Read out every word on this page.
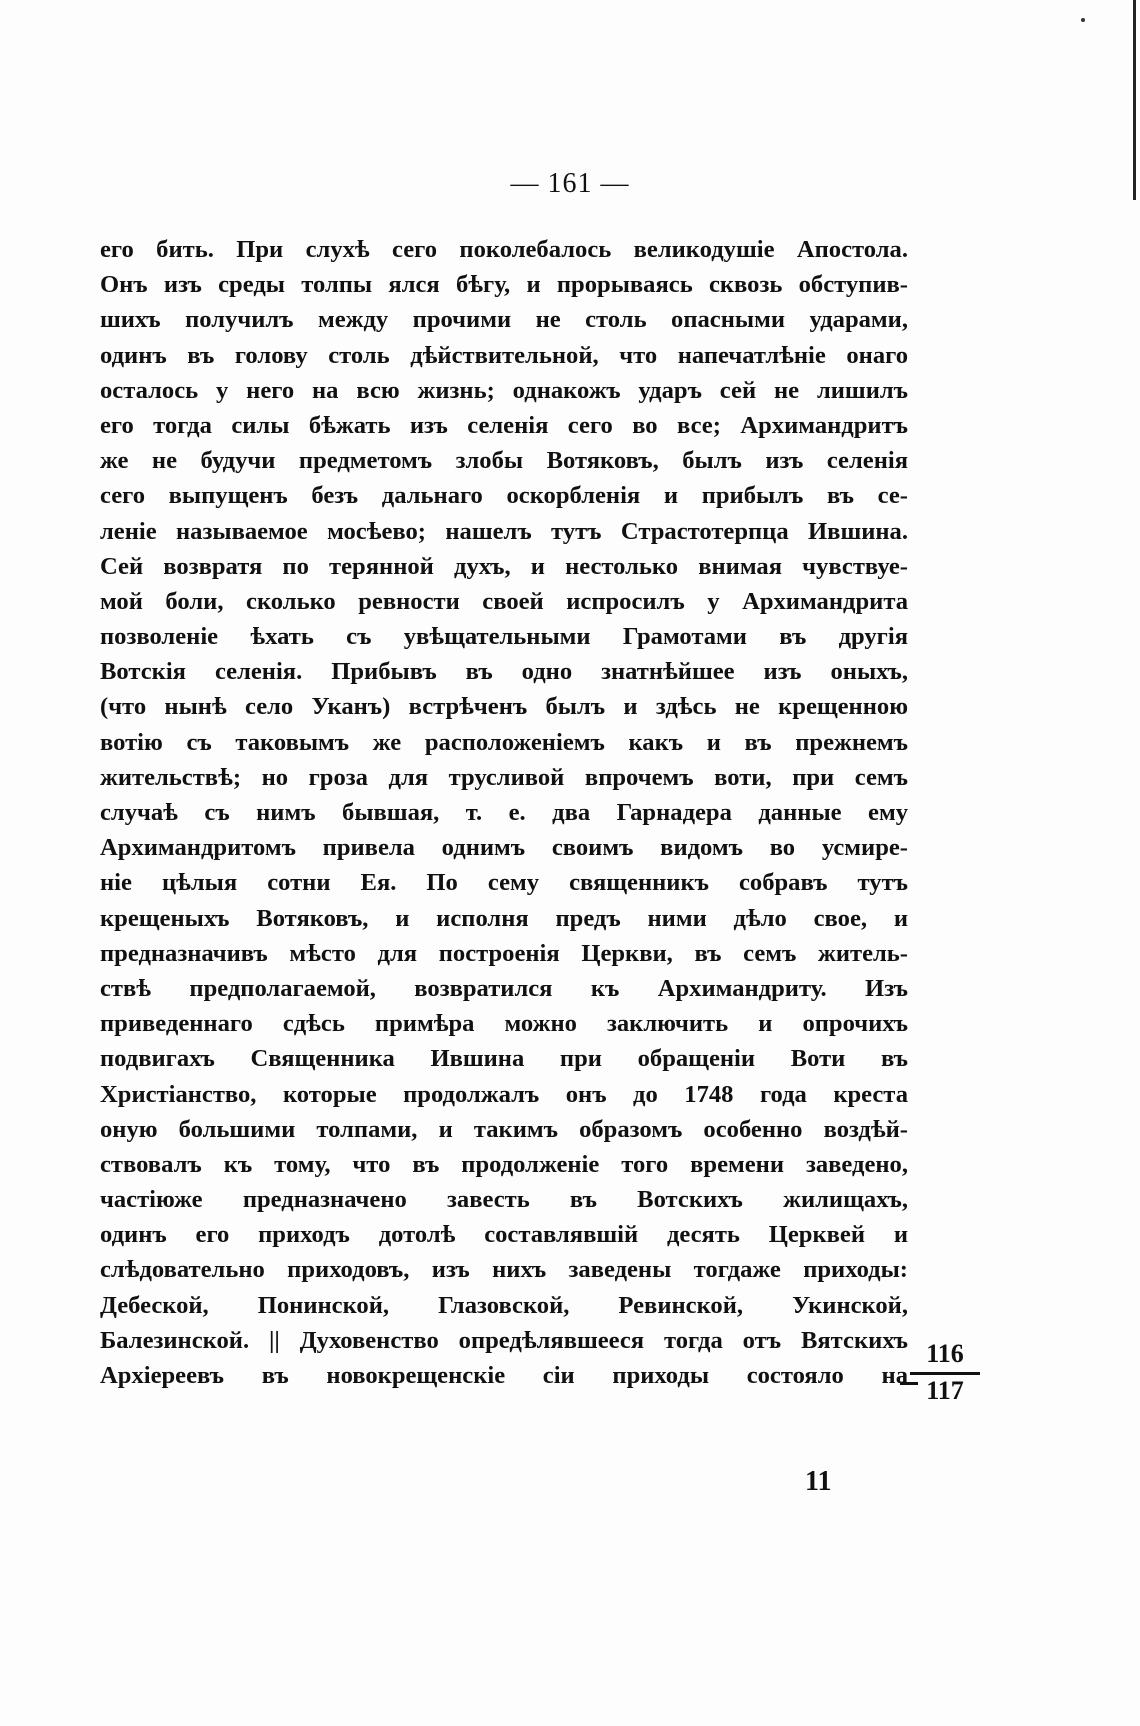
— 161 —
его бить. При слухѣ сего поколебалось великодушіе Апостола.
Онъ изъ среды толпы ялся бѣгу, и прорываясь сквозь обступив-
шихъ получилъ между прочими не столь опасными ударами,
одинъ въ голову столь дѣйствительной, что напечатлѣніе онаго
осталось у него на всю жизнь; однакожъ ударъ сей не лишилъ
его тогда силы бѣжать изъ селенія сего во все; Архимандритъ
же не будучи предметомъ злобы Вотяковъ, былъ изъ селенія
сего выпущенъ безъ дальнаго оскорбленія и прибылъ въ се-
леніе называемое мосѣево; нашелъ тутъ Страстотерпца Ившина.
Сей возвратя по терянной духъ, и нестолько внимая чувствуе-
мой боли, сколько ревности своей испросилъ у Архимандрита
позволеніе ѣхать съ увѣщательными Грамотами въ другія
Вотскія селенія. Прибывъ въ одно знатнѣйшее изъ оныхъ,
(что нынѣ село Уканъ) встрѣченъ былъ и здѣсь не крещенною
вотію съ таковымъ же расположеніемъ какъ и въ прежнемъ
жительствѣ; но гроза для трусливой впрочемъ воти, при семъ
случаѣ съ нимъ бывшая, т. е. два Гарнадера данные ему
Архимандритомъ привела однимъ своимъ видомъ во усмире-
ніе цѣлыя сотни Ея. По сему священникъ собравъ тутъ
крещеныхъ Вотяковъ, и исполня предъ ними дѣло свое, и
предназначивъ мѣсто для построенія Церкви, въ семъ житель-
ствѣ предполагаемой, возвратился къ Архимандриту. Изъ
приведеннаго сдѣсь примѣра можно заключить и опрочихъ
подвигахъ Священника Ившина при обращеніи Воти въ
Христіанство, которые продолжалъ онъ до 1748 года креста
оную большими толпами, и такимъ образомъ особенно воздѣй-
ствовалъ къ тому, что въ продолженіе того времени заведено,
частіюже предназначено завесть въ Вотскихъ жилищахъ,
одинъ его приходъ дотолѣ составлявшій десять Церквей и
слѣдовательно приходовъ, изъ нихъ заведены тогдаже приходы:
Дебеской, Понинской, Глазовской, Ревинской, Укинской,
Балезинской. || Духовенство опредѣлявшееся тогда отъ Вятскихъ
Архіереевъ въ новокрещенскіе сіи приходы состояло на
116
117
11
